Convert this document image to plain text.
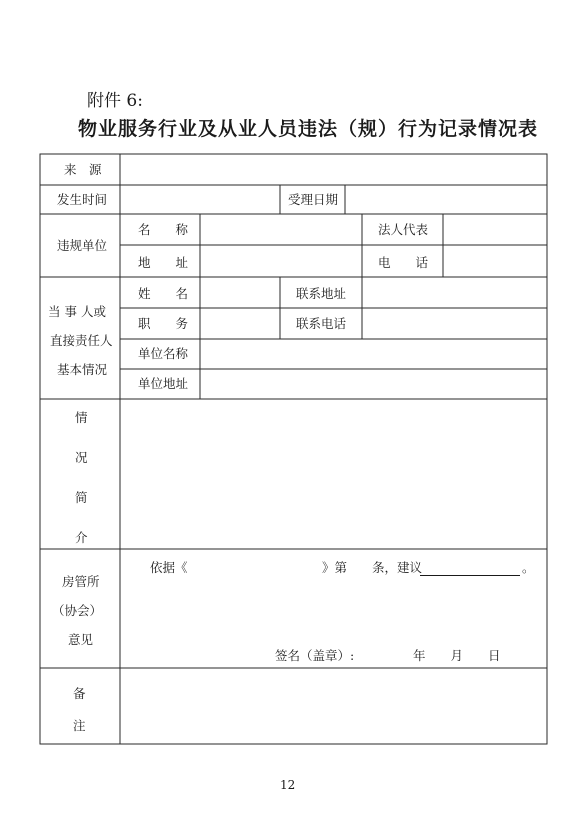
附件 6:
物业服务行业及从业人员违法（规）行为记录情况表
来　源
发生时间	受理日期
违规单位
名　　称	法人代表
地　　址	电　　话
当 事 人或
直接责任人
基本情况
姓　　名	联系地址
职　　务	联系电话
单位名称
单位地址
情
况
简
介
房管所
（协会）
意见
依据《	》第　　条，建议	。
签名（盖章）:	年　　月　　日
备
注
12
